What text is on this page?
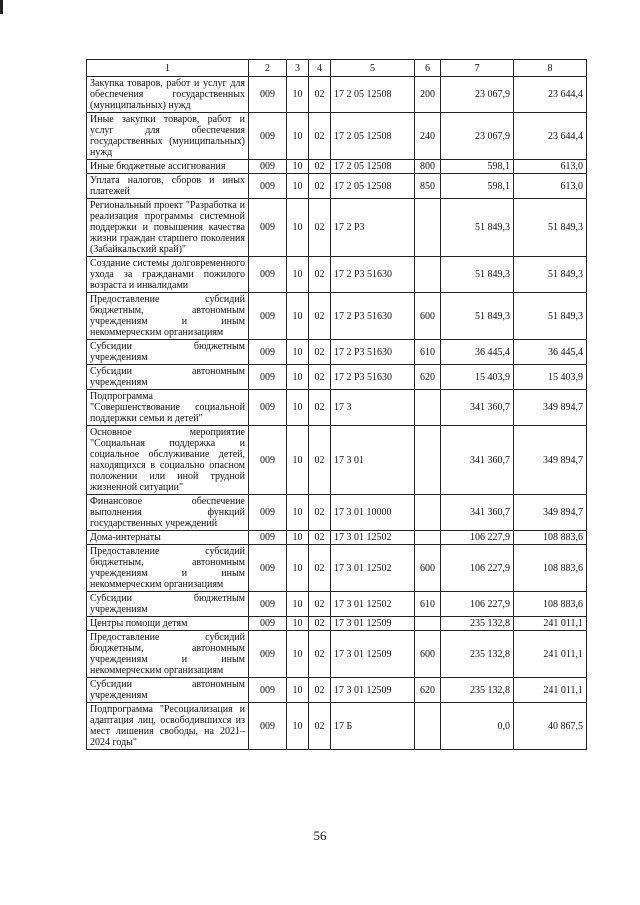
1	2	3	4	5	6	7	8
Закупка товаров, работ и услуг для обеспечения государственных (муниципальных) нужд	009	10	02	17 2 05 12508	200	23 067,9	23 644,4
Иные закупки товаров, работ и услуг для обеспечения государственных (муниципальных) нужд	009	10	02	17 2 05 12508	240	23 067,9	23 644,4
Иные бюджетные ассигнования	009	10	02	17 2 05 12508	800	598,1	613,0
Уплата налогов, сборов и иных платежей	009	10	02	17 2 05 12508	850	598,1	613,0
Региональный проект "Разработка и реализация программы системной поддержки и повышения качества жизни граждан старшего поколения (Забайкальский край)"	009	10	02	17 2 P3		51 849,3	51 849,3
Создание системы долговременного ухода за гражданами пожилого возраста и инвалидами	009	10	02	17 2 P3 51630		51 849,3	51 849,3
Предоставление субсидий бюджетным, автономным учреждениям и иным некоммерческим организациям	009	10	02	17 2 P3 51630	600	51 849,3	51 849,3
Субсидии бюджетным учреждениям	009	10	02	17 2 P3 51630	610	36 445,4	36 445,4
Субсидии автономным учреждениям	009	10	02	17 2 P3 51630	620	15 403,9	15 403,9
Подпрограмма "Совершенствование социальной поддержки семьи и детей"	009	10	02	17 3		341 360,7	349 894,7
Основное мероприятие "Социальная поддержка и социальное обслуживание детей, находящихся в социально опасном положении или иной трудной жизненной ситуации"	009	10	02	17 3 01		341 360,7	349 894,7
Финансовое обеспечение выполнения функций государственных учреждений	009	10	02	17 3 01 10000		341 360,7	349 894,7
Дома-интернаты	009	10	02	17 3 01 12502		106 227,9	108 883,6
Предоставление субсидий бюджетным, автономным учреждениям и иным некоммерческим организациям	009	10	02	17 3 01 12502	600	106 227,9	108 883,6
Субсидии бюджетным учреждениям	009	10	02	17 3 01 12502	610	106 227,9	108 883,6
Центры помощи детям	009	10	02	17 3 01 12509		235 132,8	241 011,1
Предоставление субсидий бюджетным, автономным учреждениям и иным некоммерческим организациям	009	10	02	17 3 01 12509	600	235 132,8	241 011,1
Субсидии автономным учреждениям	009	10	02	17 3 01 12509	620	235 132,8	241 011,1
Подпрограмма "Ресоциализация и адаптация лиц, освободившихся из мест лишения свободы, на 2021–2024 годы"	009	10	02	17 Б		0,0	40 867,5
56
